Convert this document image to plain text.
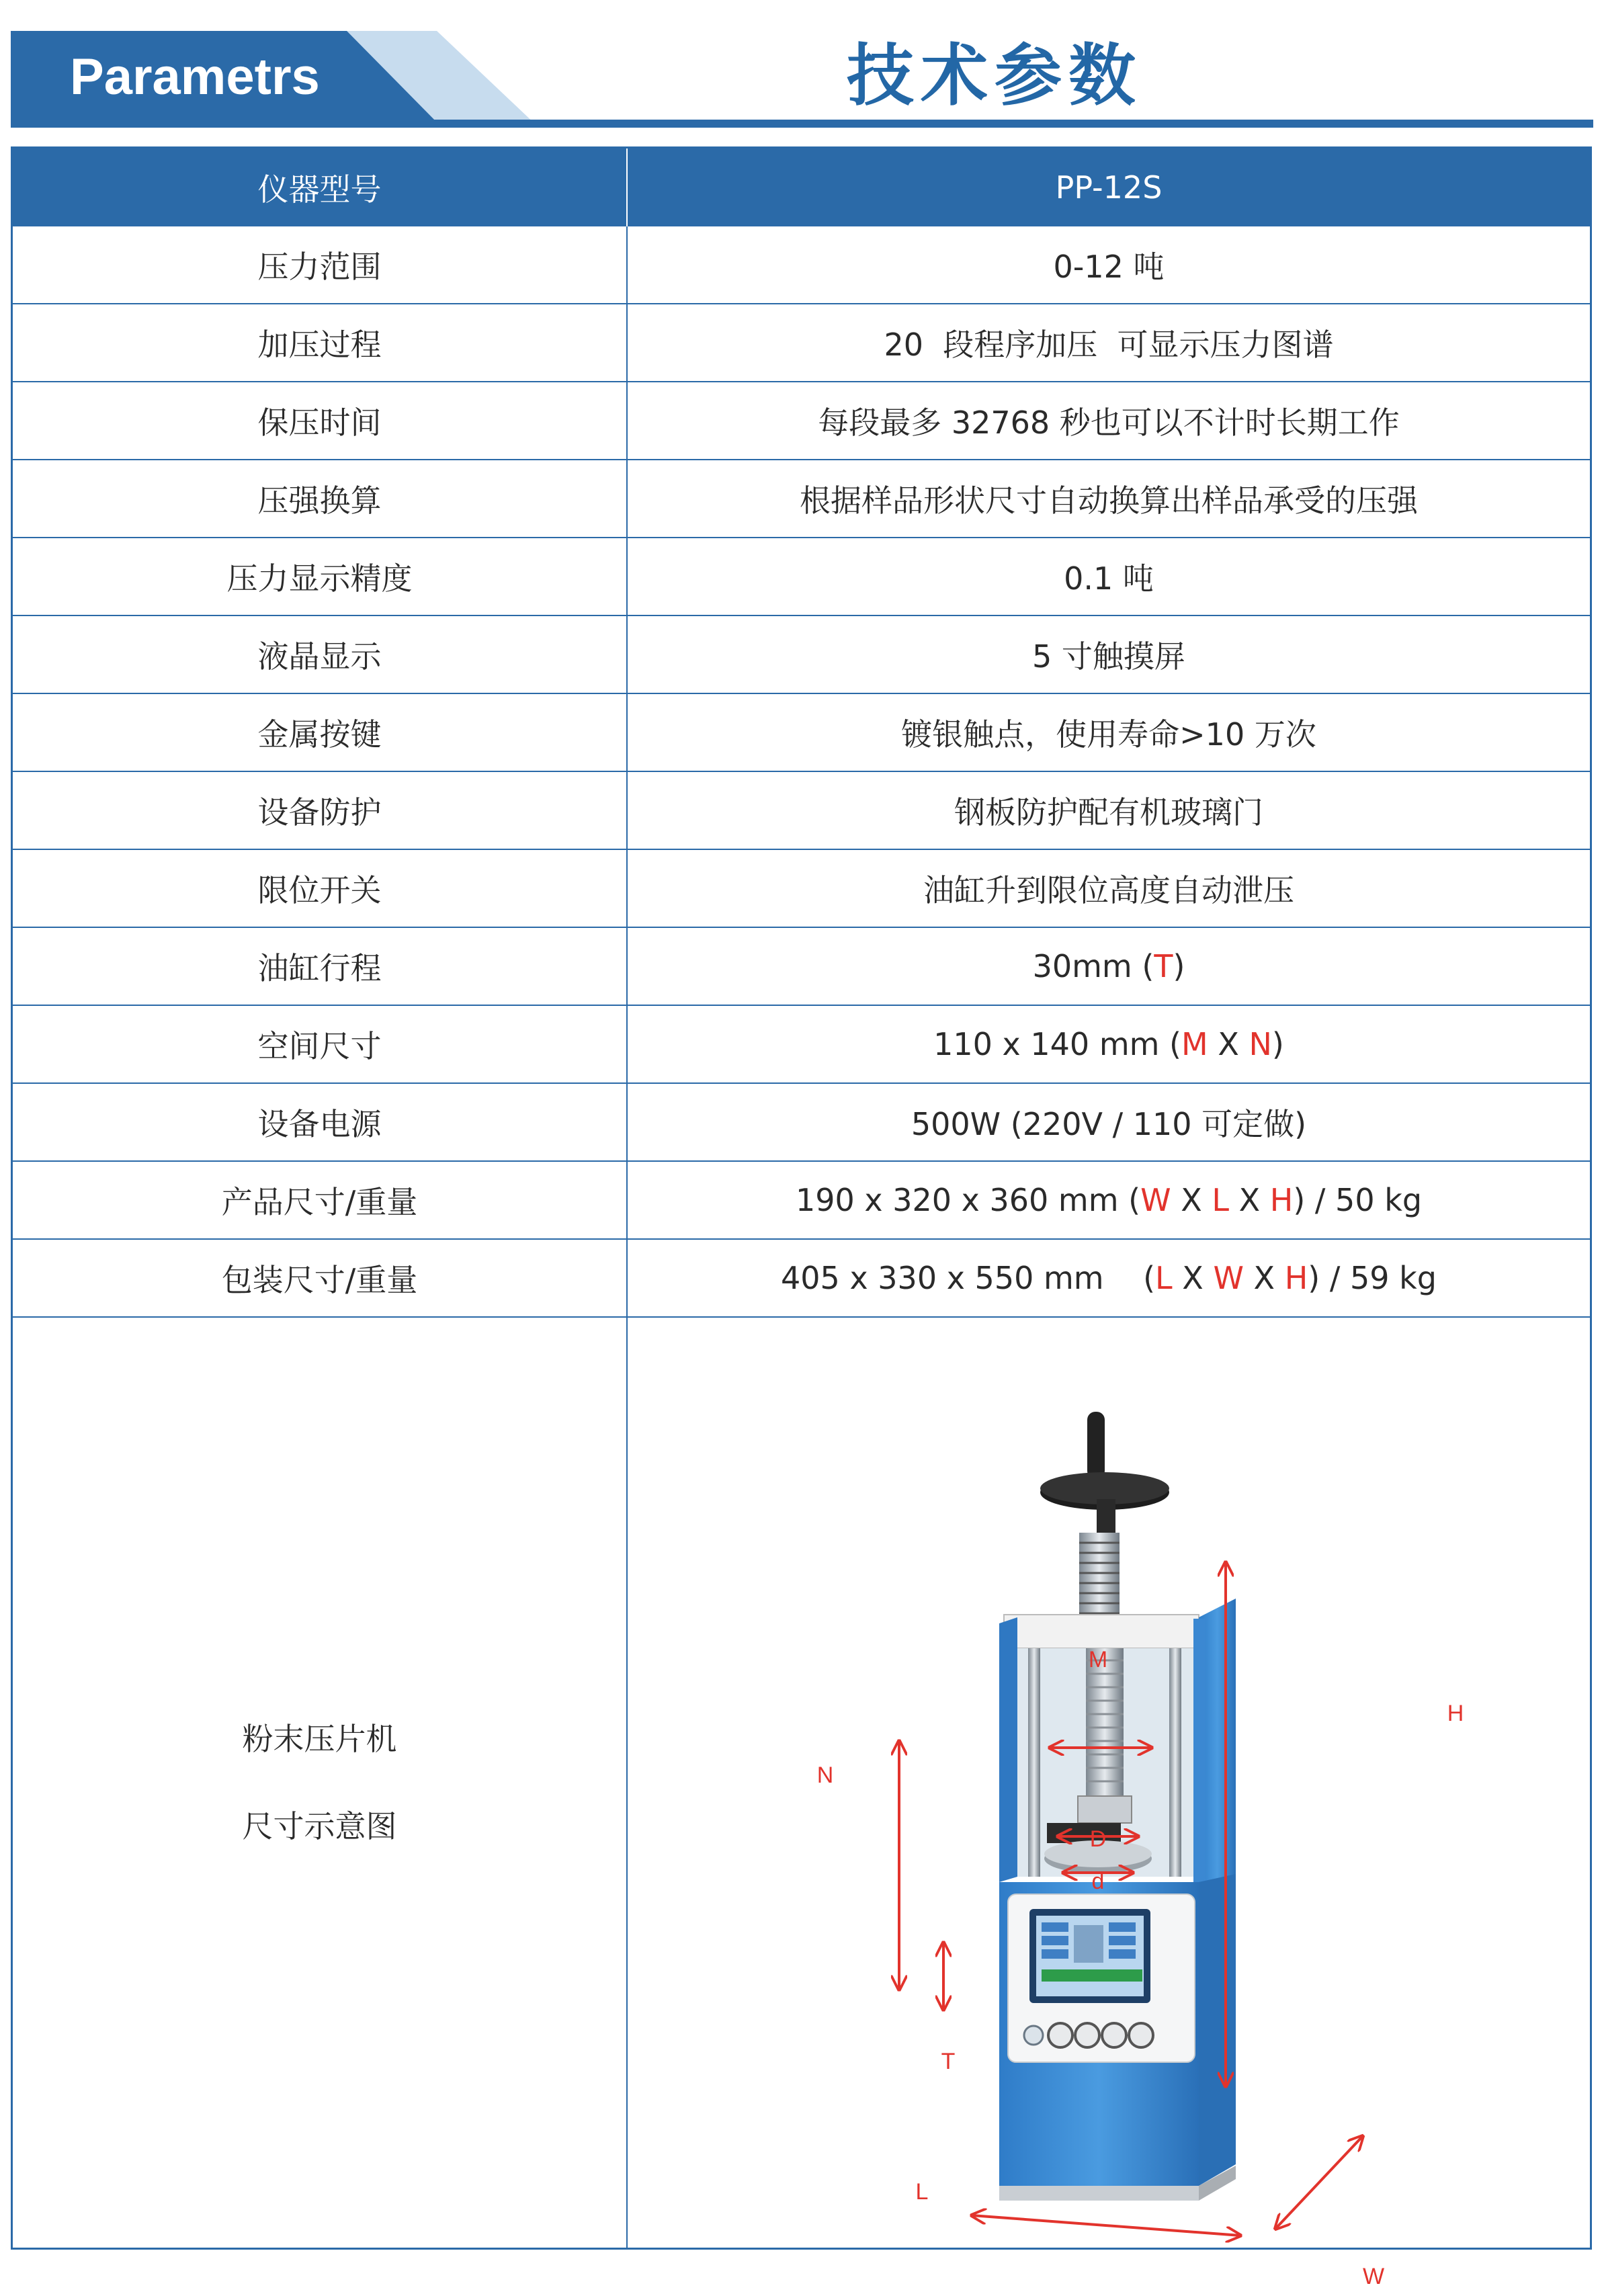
Parametrs	技术参数
仪器型号	PP-12S
压力范围	0-12 吨
加压过程	20  段程序加压  可显示压力图谱
保压时间	每段最多 32768 秒也可以不计时长期工作
压强换算	根据样品形状尺寸自动换算出样品承受的压强
压力显示精度	0.1 吨
液晶显示	5 寸触摸屏
金属按键	镀银触点，使用寿命>10 万次
设备防护	钢板防护配有机玻璃门
限位开关	油缸升到限位高度自动泄压
油缸行程	30mm ( T )
空间尺寸	110 x 140 mm ( M X N )
设备电源	500W (220V / 110 可定做)
产品尺寸/重量	190 x 320 x 360 mm ( W X L X H ) / 50 kg
包装尺寸/重量	405 x 330 x 550 mm    ( L X W X H ) / 59 kg
粉末压片机
尺寸示意图
M
N
T
H
D
d
L
W
